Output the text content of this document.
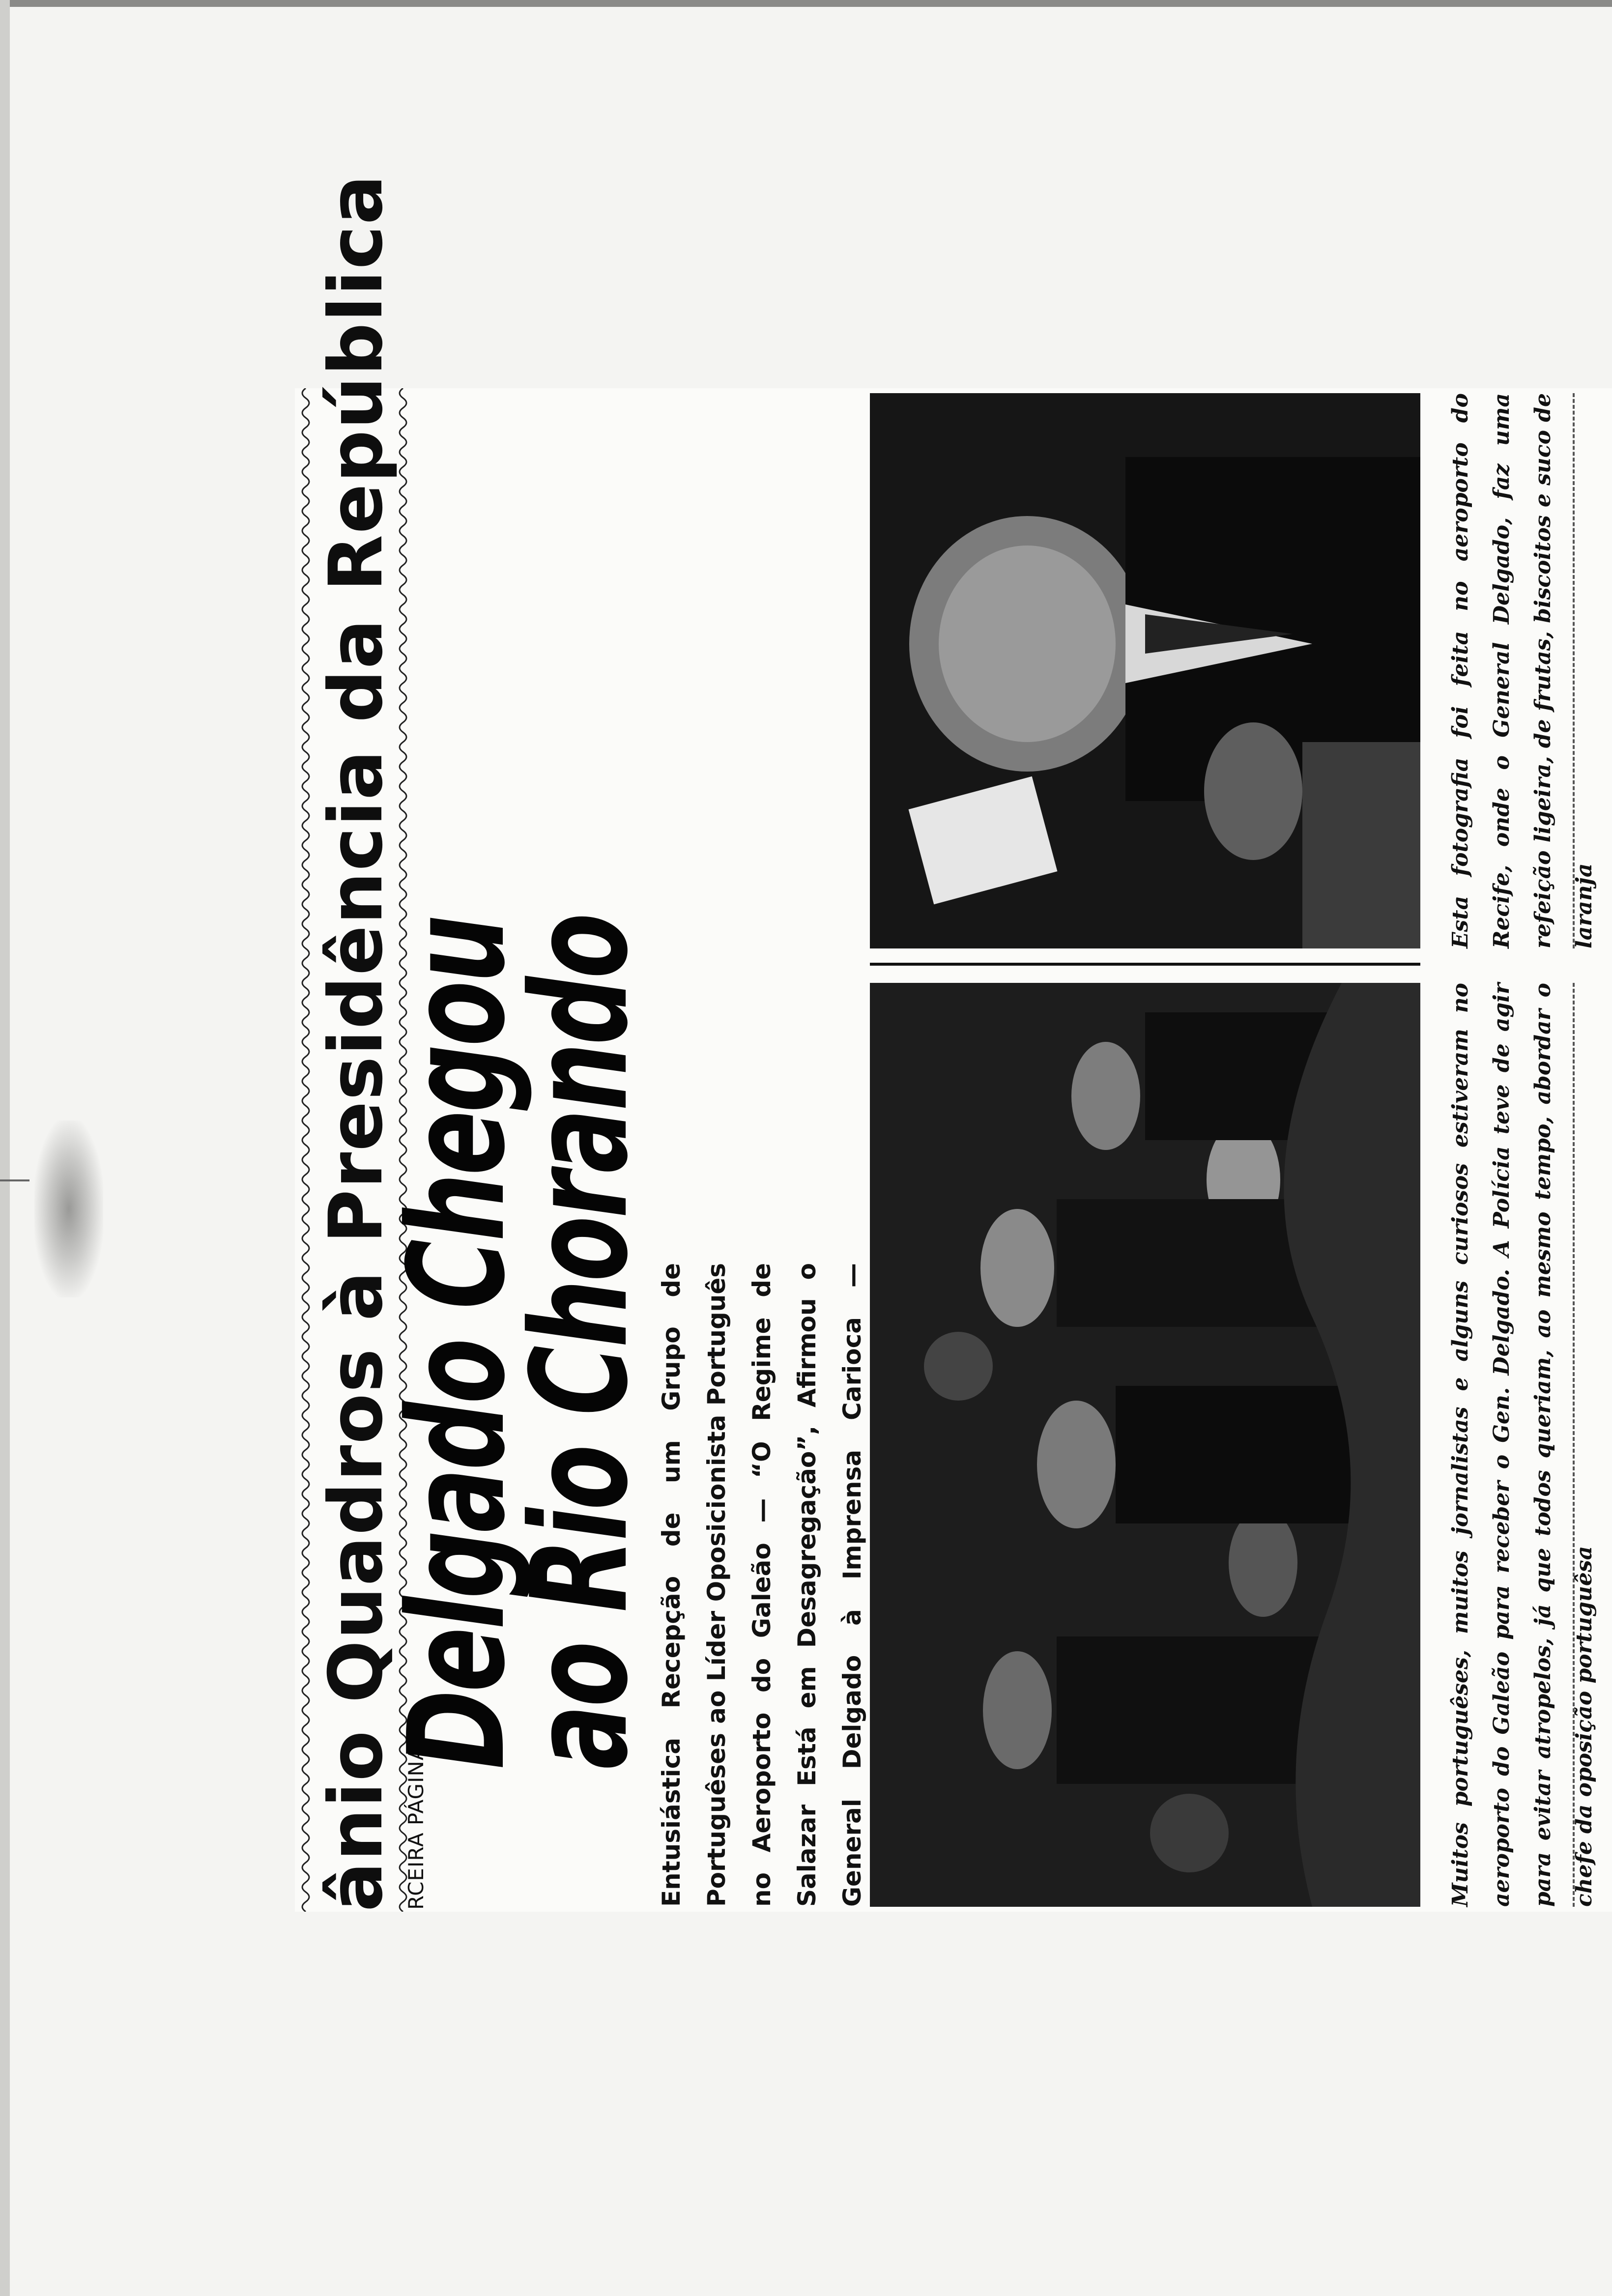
ânio Quadros à Presidência da República RCEIRA PÁGINA)
Delgado Chegou
ao Rio Chorando
Entusiástica Recepção de um Grupo de Portuguêses ao Líder Oposicionista Português no Aeroporto do Galeão — “O Regime de Salazar Está em Desagregação”, Afirmou o General Delgado à Imprensa Carioca —	Muitos portuguêses, muitos jornalistas e alguns curiosos estiveram no aeroporto do Galeão para receber o Gen. Delgado. A Polícia teve de agir para evitar atropelos, já que todos queriam, ao mesmo tempo, abordar o chefe da oposição portuguêsa
Esta fotografia foi feita no aeroporto do Recife, onde o General Delgado, faz uma refeição ligeira, de frutas, biscoitos e suco de laranja
